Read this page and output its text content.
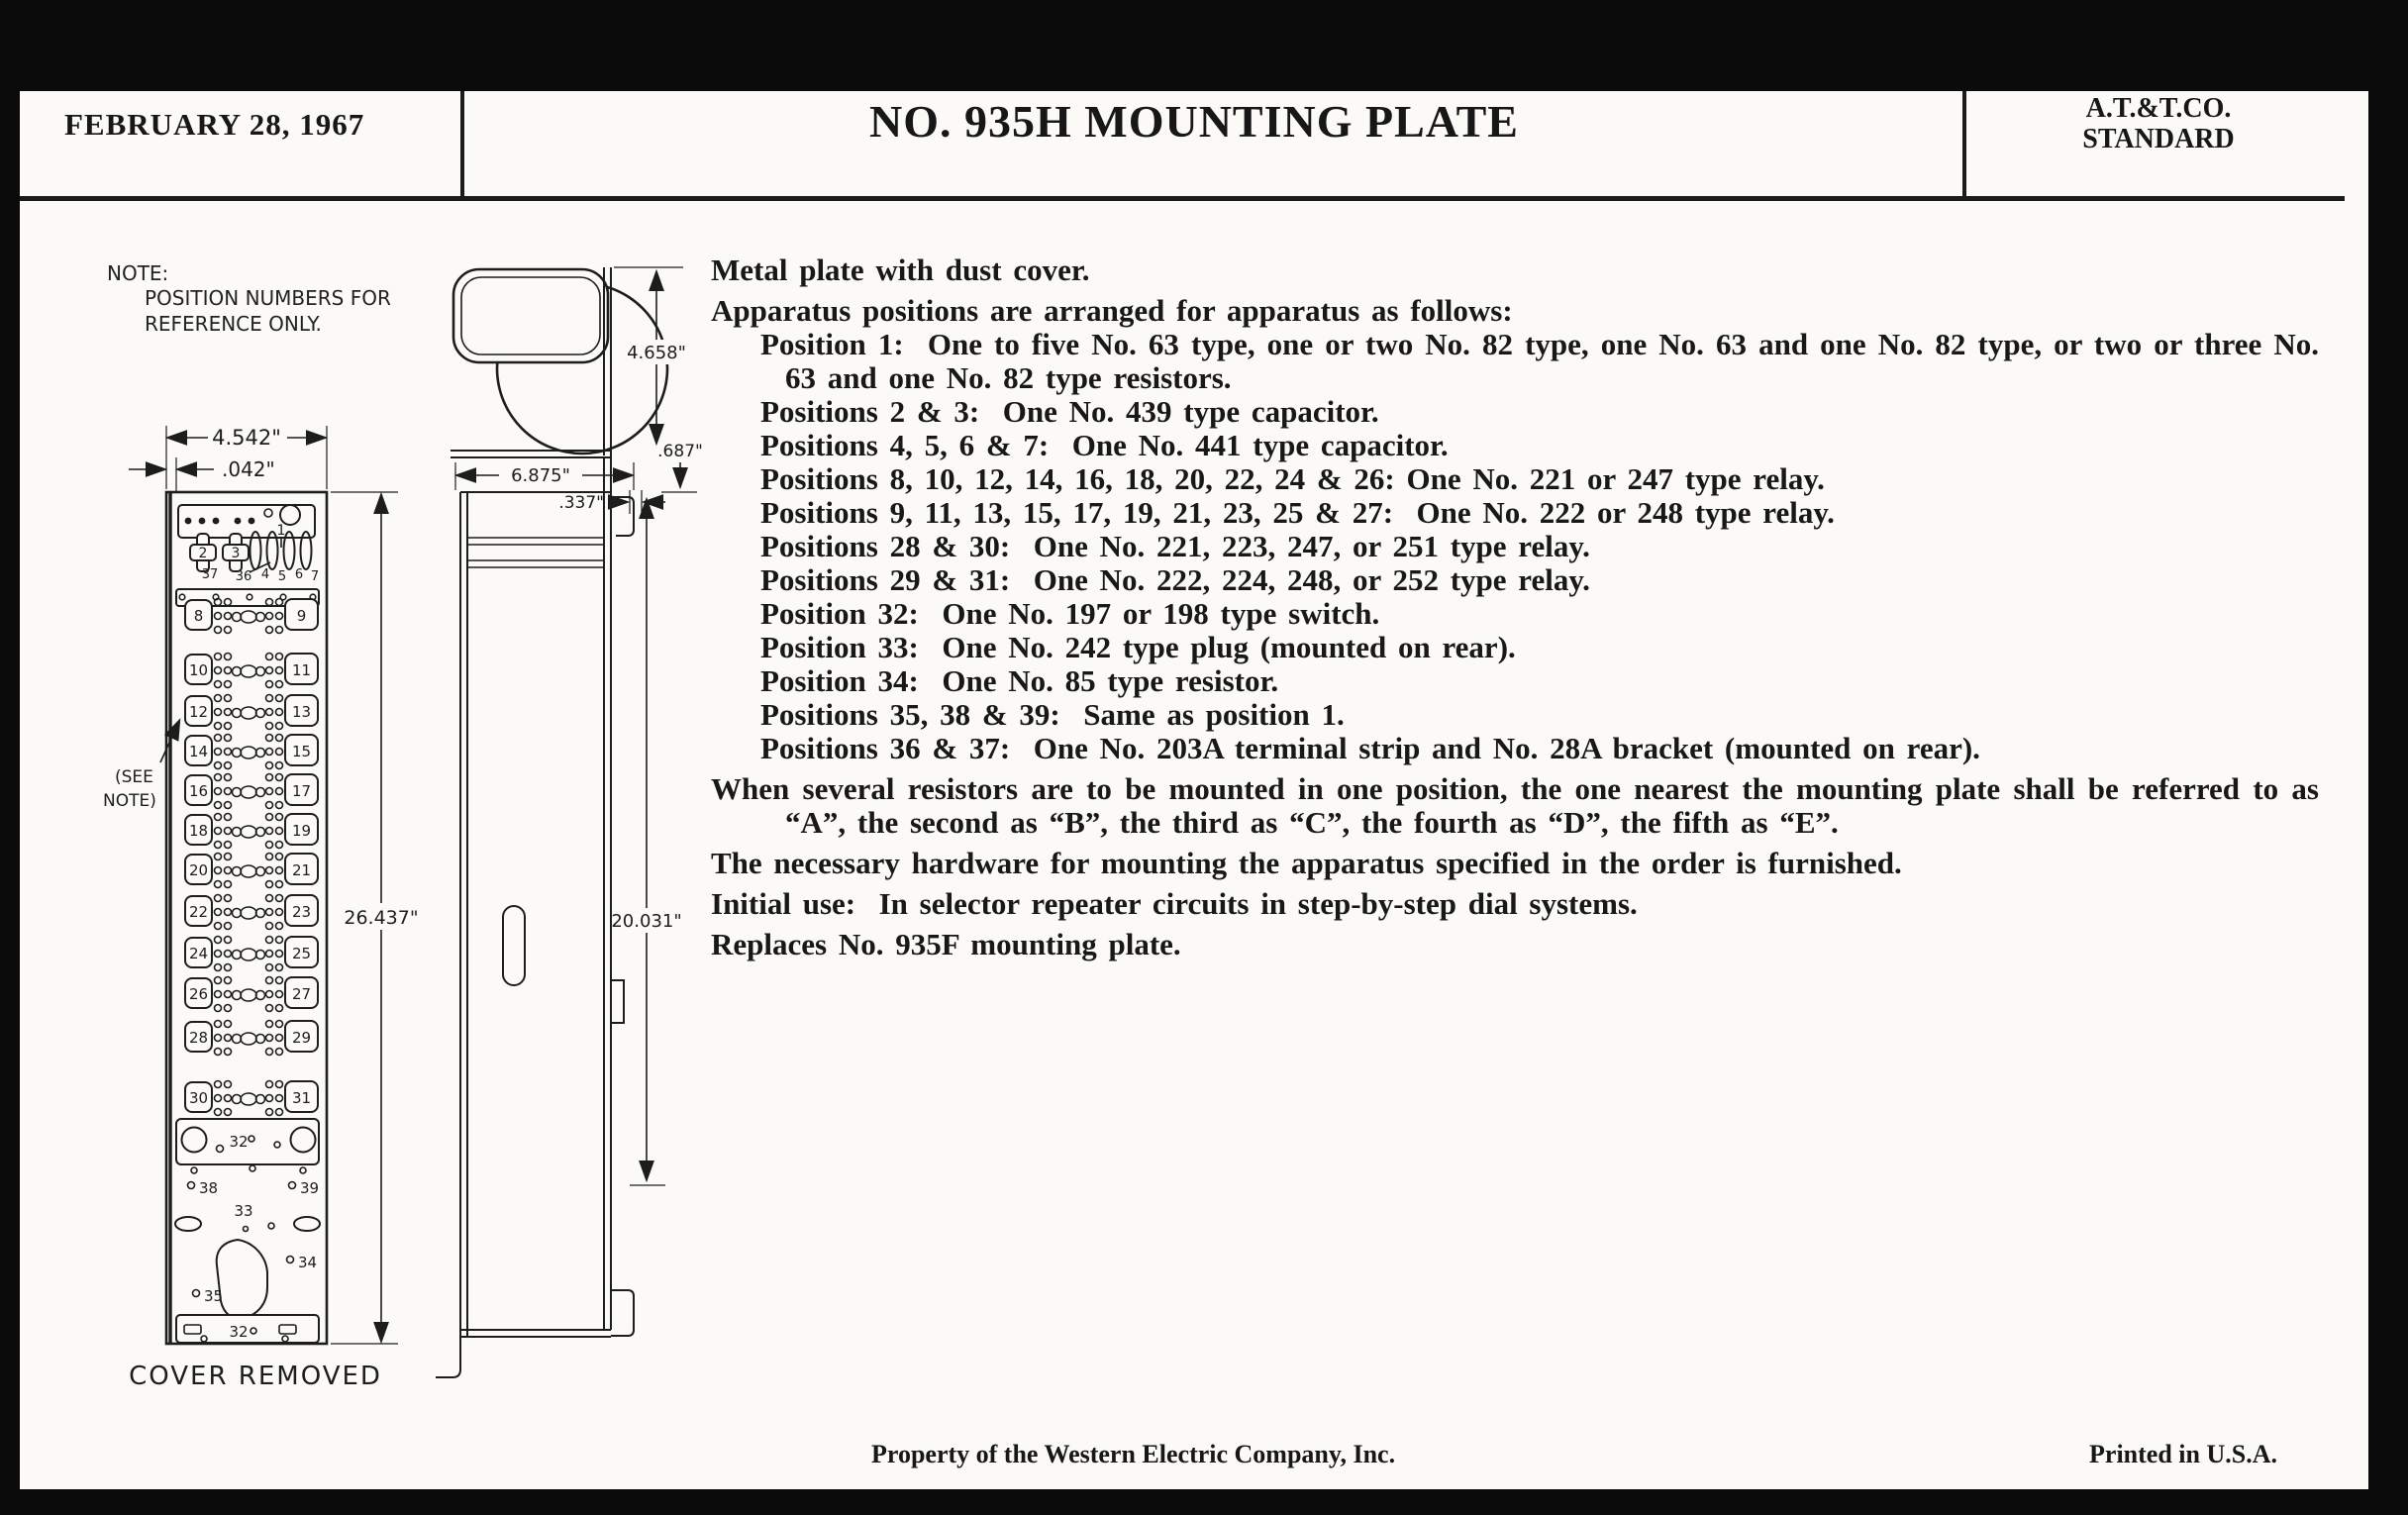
FEBRUARY 28, 1967	NO. 935H MOUNTING PLATE	A.T.&T.CO.
STANDARD
NOTE:
POSITION NUMBERS FOR
REFERENCE ONLY.
4.542"
.042"
1
2 3
37 36 4 5 6 7
8	9
10	11
12	13
14	15
16	17
18	19
20	21
22	23
24	25
26	27
28	29
30	31
(SEE
NOTE)
32
38	39
33
34
35
32
26.437"
COVER REMOVED
4.658"
6.875"
.337"
.687"
20.031"
Metal plate with dust cover.
Apparatus positions are arranged for apparatus as follows:
Position 1:  One to five No. 63 type, one or two No. 82 type, one No. 63 and one No. 82 type, or two or three No. 63 and one No. 82 type resistors.
Positions 2 & 3:  One No. 439 type capacitor.
Positions 4, 5, 6 & 7:  One No. 441 type capacitor.
Positions 8, 10, 12, 14, 16, 18, 20, 22, 24 & 26: One No. 221 or 247 type relay.
Positions 9, 11, 13, 15, 17, 19, 21, 23, 25 & 27:  One No. 222 or 248 type relay.
Positions 28 & 30:  One No. 221, 223, 247, or 251 type relay.
Positions 29 & 31:  One No. 222, 224, 248, or 252 type relay.
Position 32:  One No. 197 or 198 type switch.
Position 33:  One No. 242 type plug (mounted on rear).
Position 34:  One No. 85 type resistor.
Positions 35, 38 & 39:  Same as position 1.
Positions 36 & 37:  One No. 203A terminal strip and No. 28A bracket (mounted on rear).
When several resistors are to be mounted in one position, the one nearest the mounting plate shall be referred to as “A”, the second as “B”, the third as “C”, the fourth as “D”, the fifth as “E”.
The necessary hardware for mounting the apparatus specified in the order is furnished.
Initial use:  In selector repeater circuits in step-by-step dial systems.
Replaces No. 935F mounting plate.
Property of the Western Electric Company, Inc.	Printed in U.S.A.
